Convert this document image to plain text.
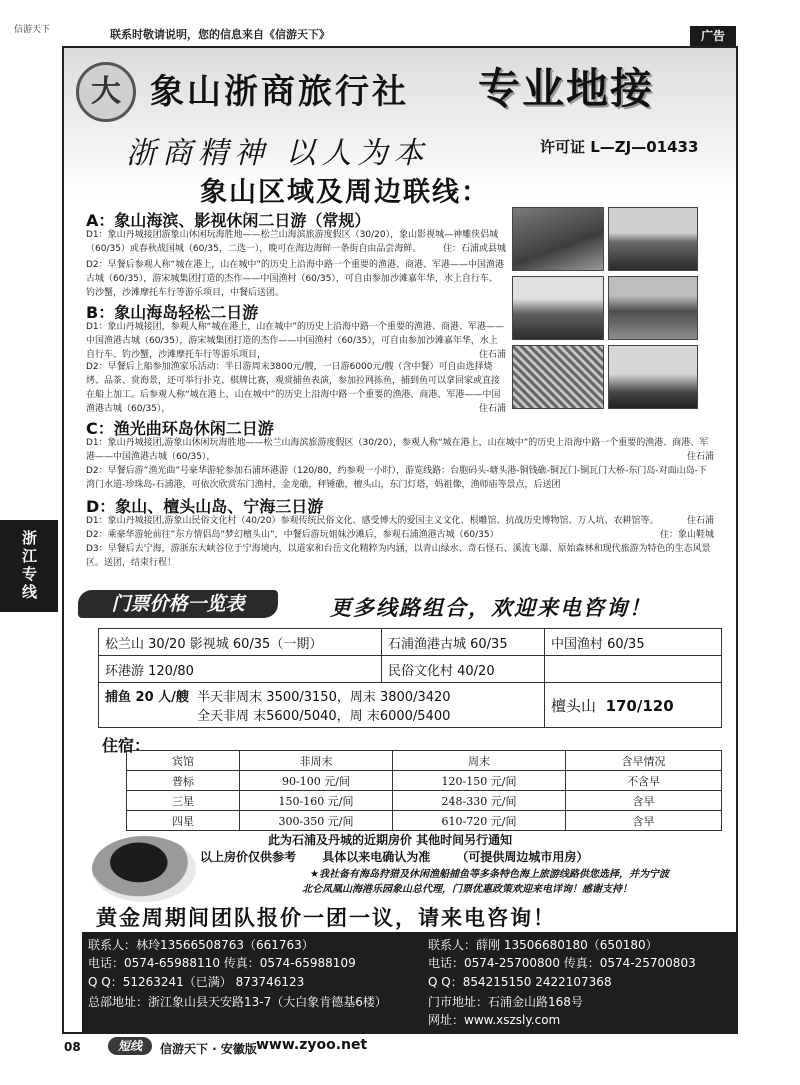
信游天下	联系时敬请说明，您的信息来自《信游天下》	广告
大 象山浙商旅行社 专业地接
浙商精神 以人为本	许可证 L—ZJ—01433
象山区域及周边联线：
A：象山海滨、影视休闲二日游（常规）
D1：象山丹城接团游象山休闲玩海胜地——松兰山海滨旅游度假区（30/20），象山影视城—神雕侠侣城（60/35）或春秋战国城（60/35，二选一），晚可在海边海鲜一条街自由品尝海鲜。 住：石浦或县城
D2：早餐后参观人称“城在港上，山在城中”的历史上沿海中路一个重要的渔港、商港、军港——中国渔港古城（60/35），游宋城集团打造的杰作——中国渔村（60/35），可自由参加沙滩嘉年华，水上自行车、钓沙蟹，沙滩摩托车行等游乐项目，中餐后送团。
B：象山海岛轻松二日游
D1：象山丹城接团，参观人称“城在港上，山在城中”的历史上沿海中路一个重要的渔港、商港、军港——中国渔港古城（60/35），游宋城集团打造的杰作——中国渔村（60/35），可自由参加沙滩嘉年华，水上自行车、钓沙蟹，沙滩摩托车行等游乐项目，	住石浦
D2：早餐后上船参加渔家乐活动：半日游周末3800元/艘，一日游6000元/艘（含中餐）可自由选择烧烤、品茶、赏海景，还可举行扑克、棋牌比赛，观赏捕鱼表演，参加拉网拣鱼，捕到鱼可以拿回家或直接在船上加工。后参观人称“城在港上，山在城中”的历史上沿海中路一个重要的渔港、商港、军港——中国渔港古城（60/35），	住石浦
C：渔光曲环岛休闲二日游
D1：象山丹城接团,游象山休闲玩海胜地——松兰山海滨旅游度假区（30/20），参观人称“城在港上，山在城中”的历史上沿海中路一个重要的渔港、商港、军港——中国渔港古城（60/35），	住石浦
D2：早餐后游”渔光曲”号豪华游轮参加石浦环港游（120/80，约参观一小时），游览线路：台胞码头-塘头港-铜钱礁-铜瓦门-铜瓦门大桥-东门岛-对面山岛-下湾门水道-珍珠岛-石浦港，可依次欣赏东门渔村，金龙礁，秤锤礁，檀头山，东门灯塔，妈祖像，渔师庙等景点，后送团
D：象山、檀头山岛、宁海三日游
D1：象山丹城接团,游象山民俗文化村（40/20）参观传统民俗文化、感受博大的爱国主义文化、根雕馆、抗战历史博物馆、万人坑、农耕馆等。	住石浦
D2：乘豪华游轮前往”东方情侣岛”梦幻檀头山”，中餐后游玩姐妹沙滩后，参观石浦渔港古城（60/35）	住：象山鞋城
D3：早餐后去宁海，游浙东大峡谷位于宁海境内，以道家和台岳文化精粹为内涵，以青山绿水、奇石怪石、溪流飞瀑、原始森林和现代旅游为特色的生态风景区。送团，结束行程！
浙江专线
门票价格一览表	更多线路组合，欢迎来电咨询！
松兰山 30/20 影视城 60/35（一期）	石浦渔港古城 60/35	中国渔村 60/35
环港游 120/80	民俗文化村 40/20	

捕鱼 20 人/艘 半天非周末 3500/3150，周末 3800/3420
全天非周 末5600/5040，周 末6000/5400		檀头山 170/120
住宿：
宾馆	非周末	周末	含早情况
普标	90-100 元/间	120-150 元/间	不含早
三星	150-160 元/间	248-330 元/间	含早
四星	300-350 元/间	610-720 元/间	含早
此为石浦及丹城的近期房价 其他时间另行通知
以上房价仅供参考 具体以来电确认为准 （可提供周边城市用房）
★我社备有海岛狩猎及休闲渔船捕鱼等多条特色海上旅游线路供您选择，并为宁波
北仑凤凰山海港乐园象山总代理，门票优惠政策欢迎来电详询！感谢支持！
黄金周期间团队报价一团一议，请来电咨询！
联系人：林玲13566508763（661763）
电话：0574-65988110 传真：0574-65988109
Q Q：51263241（已满） 873746123
总部地址：浙江象山县天安路13-7（大白象肯德基6楼）
联系人：薛刚 13506680180（650180）
电话：0574-25700800 传真：0574-25700803
Q Q：854215150 2422107368
门市地址：石浦金山路168号
网址：www.xszsly.com
08	短线	信游天下 · 安徽版 www.zyoo.net
